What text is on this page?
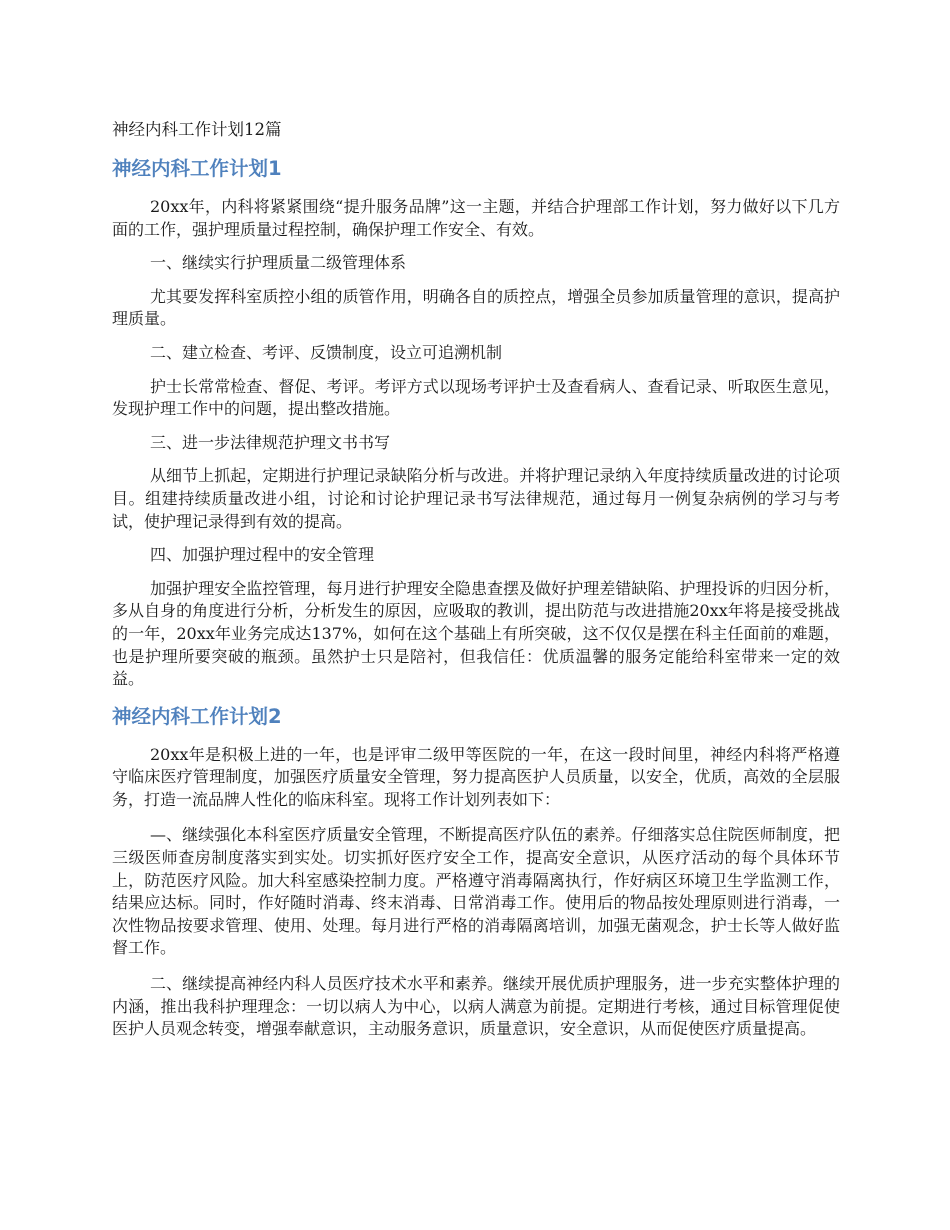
神经内科工作计划12篇
神经内科工作计划1

20xx年，内科将紧紧围绕“提升服务品牌”这一主题，并结合护理部工作计划，努力做好以下几方面的工作，强护理质量过程控制，确保护理工作安全、有效。

一、继续实行护理质量二级管理体系

尤其要发挥科室质控小组的质管作用，明确各自的质控点，增强全员参加质量管理的意识，提高护理质量。

二、建立检查、考评、反馈制度，设立可追溯机制

护士长常常检查、督促、考评。考评方式以现场考评护士及查看病人、查看记录、听取医生意见，发现护理工作中的问题，提出整改措施。

三、进一步法律规范护理文书书写

从细节上抓起，定期进行护理记录缺陷分析与改进。并将护理记录纳入年度持续质量改进的讨论项目。组建持续质量改进小组，讨论和讨论护理记录书写法律规范，通过每月一例复杂病例的学习与考试，使护理记录得到有效的提高。

四、加强护理过程中的安全管理

加强护理安全监控管理，每月进行护理安全隐患查摆及做好护理差错缺陷、护理投诉的归因分析，多从自身的角度进行分析，分析发生的原因，应吸取的教训，提出防范与改进措施20xx年将是接受挑战的一年，20xx年业务完成达137%，如何在这个基础上有所突破，这不仅仅是摆在科主任面前的难题，也是护理所要突破的瓶颈。虽然护士只是陪衬，但我信任：优质温馨的服务定能给科室带来一定的效益。

神经内科工作计划2

20xx年是积极上进的一年，也是评审二级甲等医院的一年，在这一段时间里，神经内科将严格遵守临床医疗管理制度，加强医疗质量安全管理，努力提高医护人员质量，以安全，优质，高效的全层服务，打造一流品牌人性化的临床科室。现将工作计划列表如下：

—、继续强化本科室医疗质量安全管理，不断提高医疗队伍的素养。仔细落实总住院医师制度，把三级医师查房制度落实到实处。切实抓好医疗安全工作，提高安全意识，从医疗活动的每个具体环节上，防范医疗风险。加大科室感染控制力度。严格遵守消毒隔离执行，作好病区环境卫生学监测工作，结果应达标。同时，作好随时消毒、终末消毒、日常消毒工作。使用后的物品按处理原则进行消毒，一次性物品按要求管理、使用、处理。每月进行严格的消毒隔离培训，加强无菌观念，护士长等人做好监督工作。

二、继续提高神经内科人员医疗技术水平和素养。继续开展优质护理服务，进一步充实整体护理的内涵，推出我科护理理念：一切以病人为中心，以病人满意为前提。定期进行考核，通过目标管理促使医护人员观念转变，增强奉献意识，主动服务意识，质量意识，安全意识，从而促使医疗质量提高。
